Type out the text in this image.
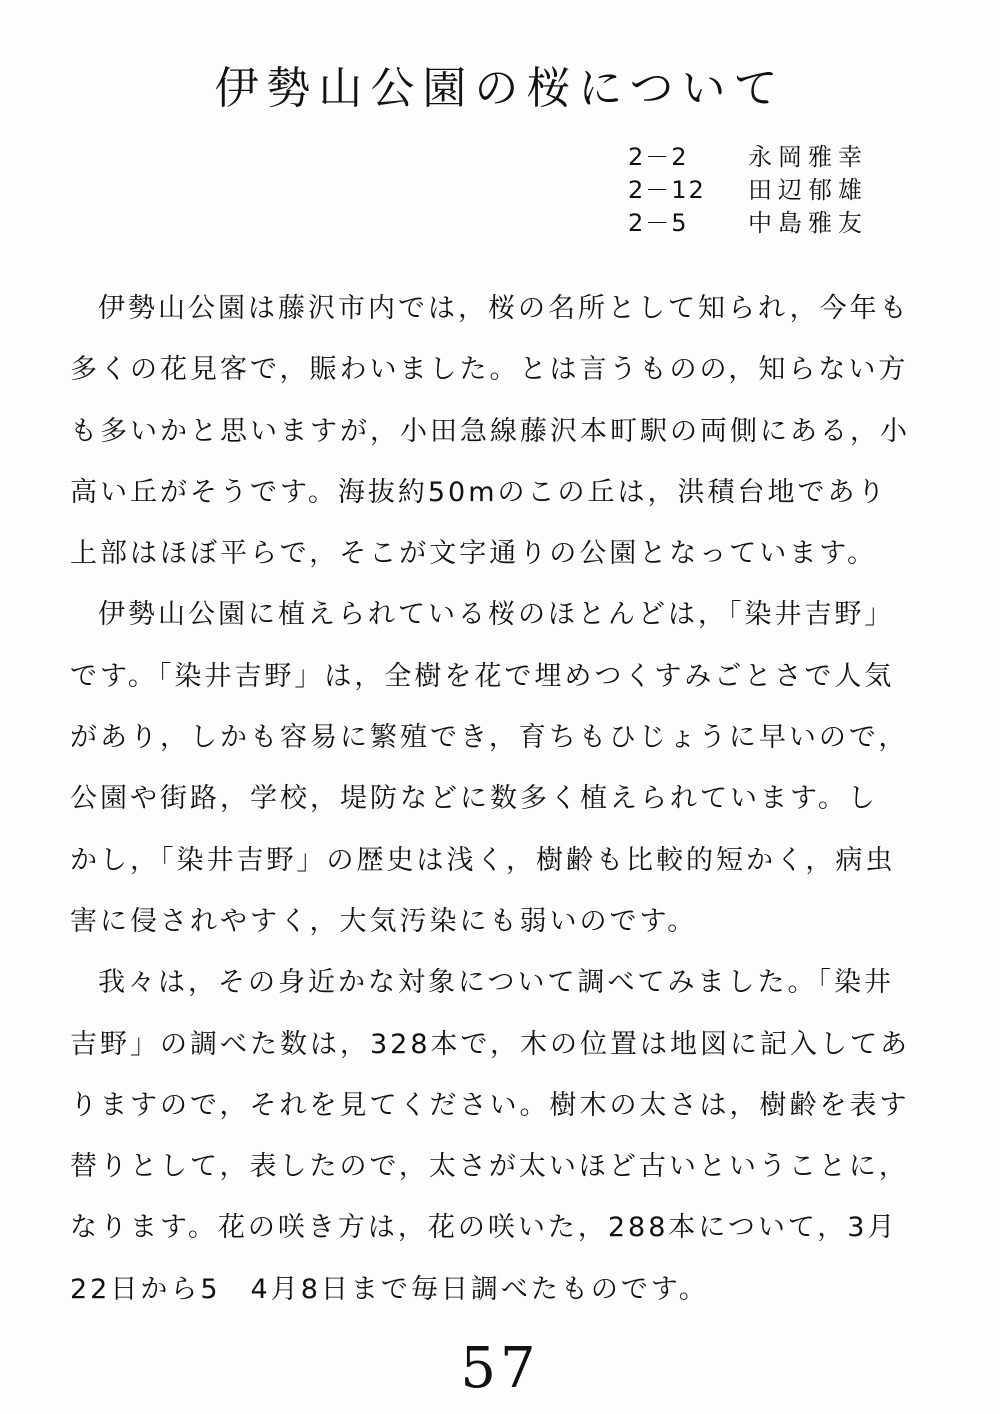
伊勢山公園の桜について
2－2	永岡雅幸
2－12	田辺郁雄
2－5	中島雅友
伊勢山公園は藤沢市内では，桜の名所として知られ，今年も
多くの花見客で，賑わいました。とは言うものの，知らない方
も多いかと思いますが，小田急線藤沢本町駅の両側にある，小
高い丘がそうです。海抜約50mのこの丘は，洪積台地であり
上部はほぼ平らで，そこが文字通りの公園となっています。
伊勢山公園に植えられている桜のほとんどは，「染井吉野」
です。「染井吉野」は，全樹を花で埋めつくすみごとさで人気
があり，しかも容易に繁殖でき，育ちもひじょうに早いので，
公園や街路，学校，堤防などに数多く植えられています。し
かし，「染井吉野」の歴史は浅く，樹齢も比較的短かく，病虫
害に侵されやすく，大気汚染にも弱いのです。
我々は，その身近かな対象について調べてみました。「染井
吉野」の調べた数は，328本で，木の位置は地図に記入してあ
りますので，それを見てください。樹木の太さは，樹齢を表す
替りとして，表したので，太さが太いほど古いということに，
なります。花の咲き方は，花の咲いた，288本について，3月
22日から5　4月8日まで毎日調べたものです。
57
